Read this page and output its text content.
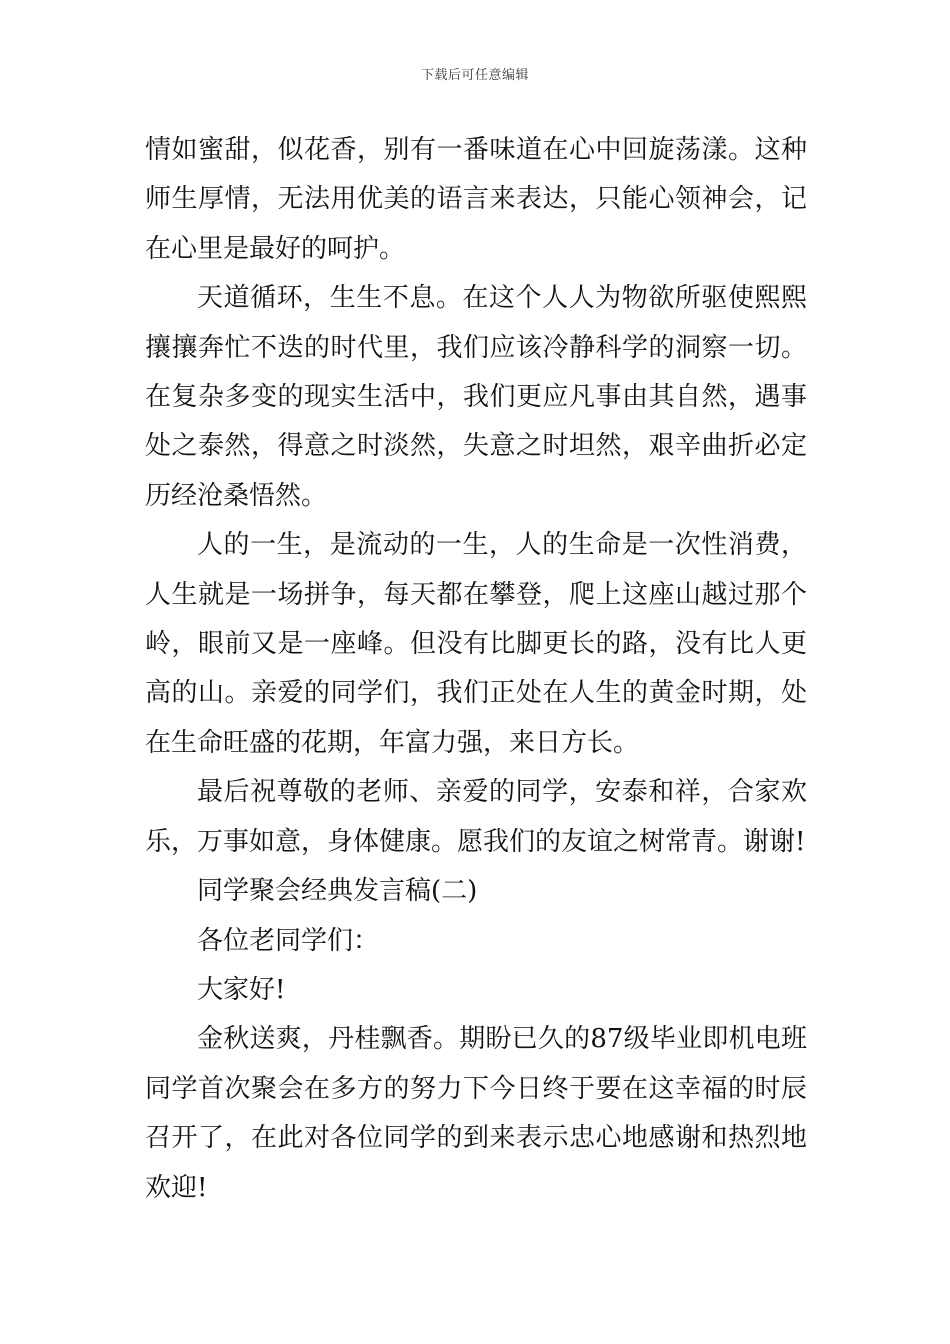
下载后可任意编辑

情如蜜甜，似花香，别有一番味道在心中回旋荡漾。这种师生厚情，无法用优美的语言来表达，只能心领神会，记在心里是最好的呵护。

天道循环，生生不息。在这个人人为物欲所驱使熙熙攘攘奔忙不迭的时代里，我们应该冷静科学的洞察一切。在复杂多变的现实生活中，我们更应凡事由其自然，遇事处之泰然，得意之时淡然，失意之时坦然，艰辛曲折必定历经沧桑悟然。

人的一生，是流动的一生，人的生命是一次性消费，人生就是一场拼争，每天都在攀登，爬上这座山越过那个岭，眼前又是一座峰。但没有比脚更长的路，没有比人更高的山。亲爱的同学们，我们正处在人生的黄金时期，处在生命旺盛的花期，年富力强，来日方长。

最后祝尊敬的老师、亲爱的同学，安泰和祥，合家欢乐，万事如意，身体健康。愿我们的友谊之树常青。谢谢!

同学聚会经典发言稿(二)

各位老同学们：

大家好!

金秋送爽，丹桂飘香。期盼已久的87级毕业即机电班同学首次聚会在多方的努力下今日终于要在这幸福的时辰召开了，在此对各位同学的到来表示忠心地感谢和热烈地欢迎!
